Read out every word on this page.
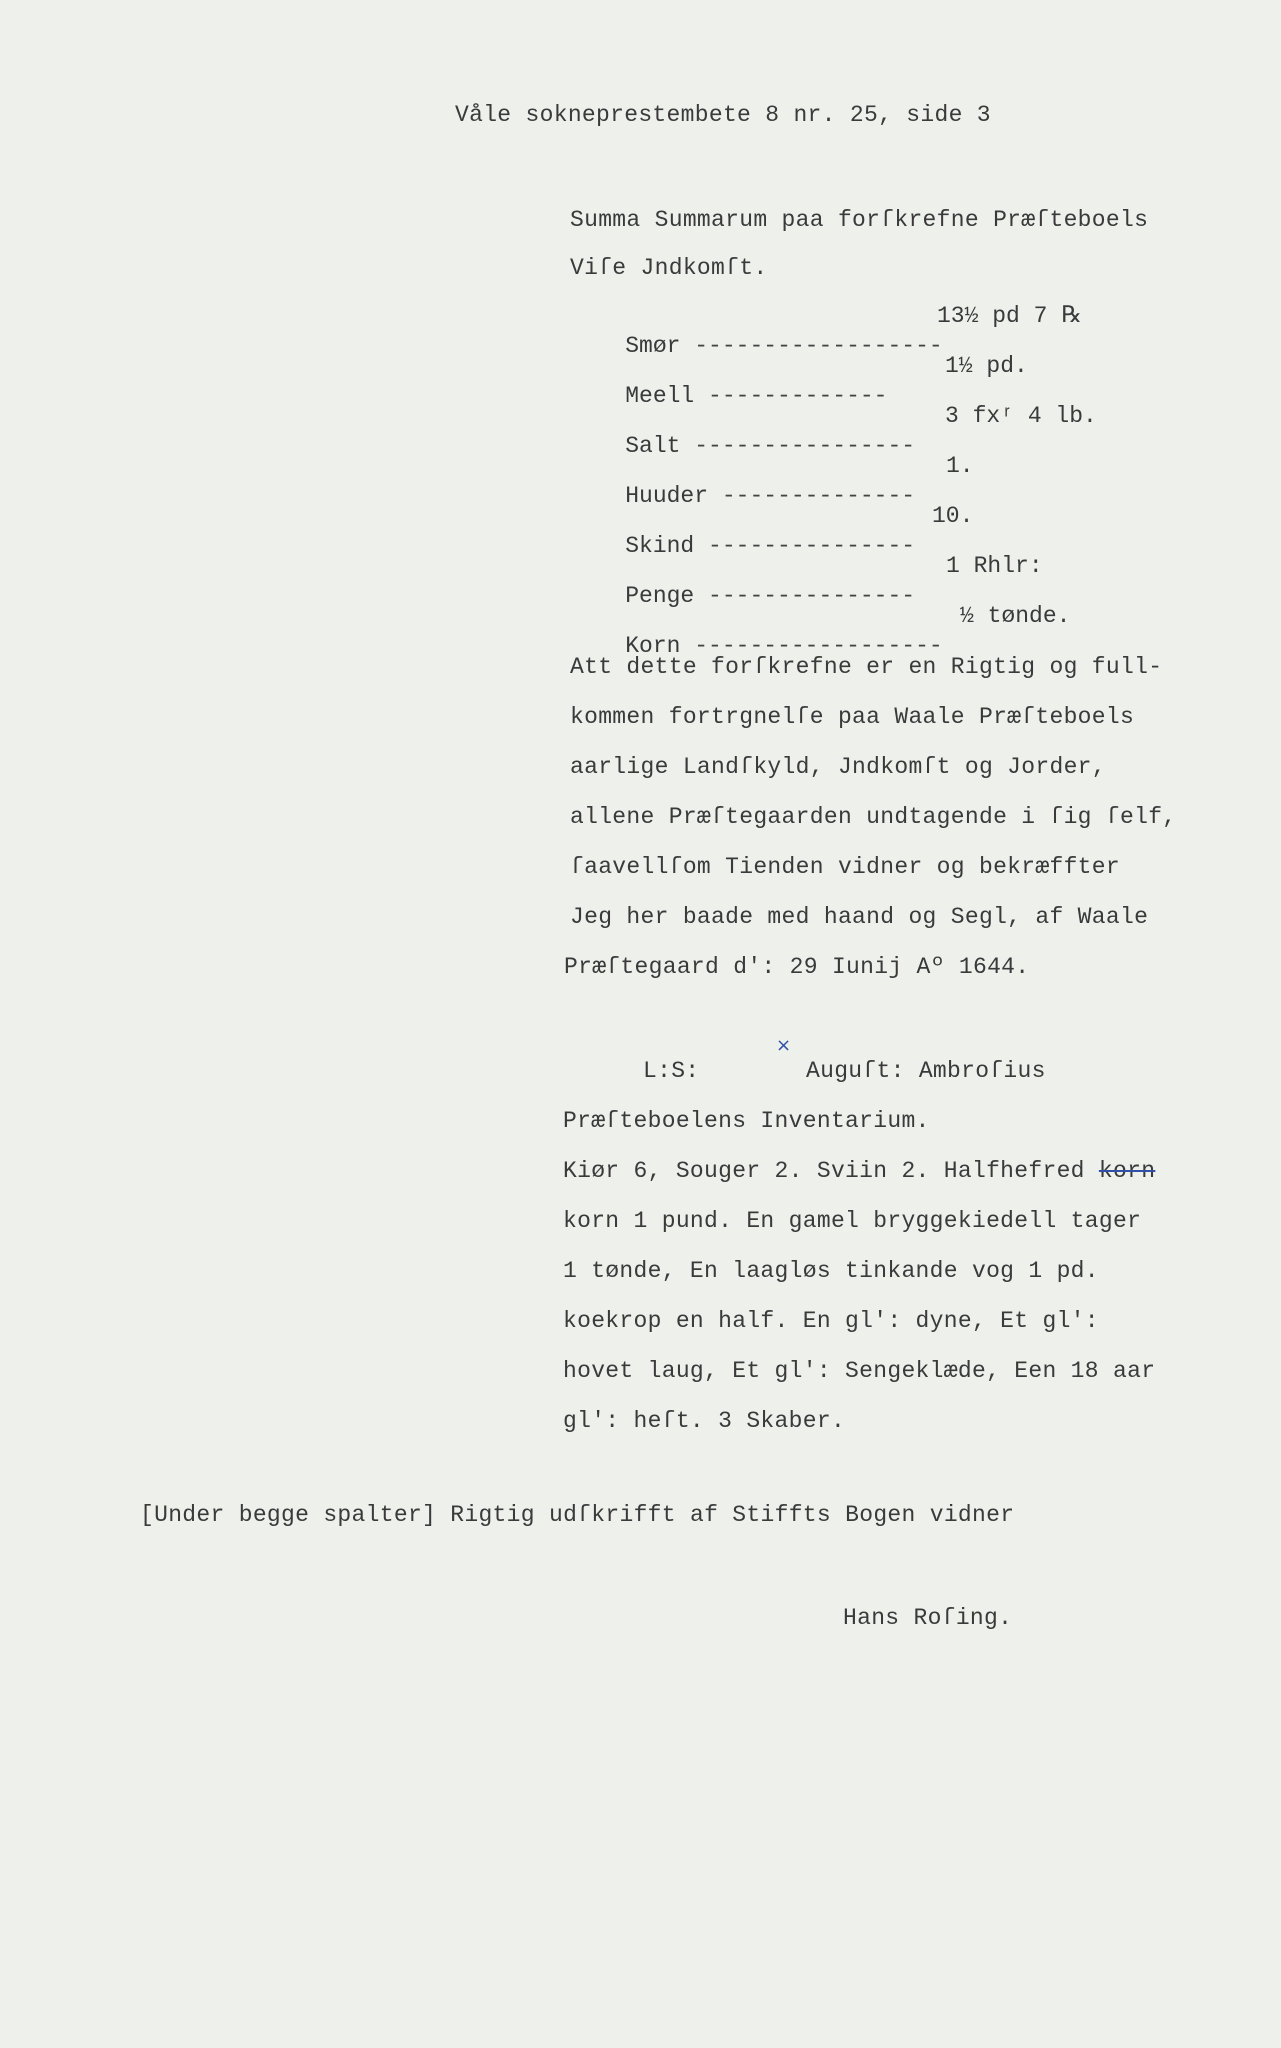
Våle sokneprestembete 8 nr. 25, side 3
Summa Summarum paa forſkrefne Præſteboels
Viſe Jndkomſt.

Smør ------------------

13½ pd 7 ℞

Meell -------------

1½ pd.

Salt ----------------

3 fxʳ 4 lb.

Huuder --------------

1.

Skind ---------------

10.

Penge ---------------

1 Rhlr:

Korn ------------------

½ tønde.

Att dette forſkrefne er en Rigtig og full-
kommen fortrgnelſe paa Waale Præſteboels
aarlige Landſkyld, Jndkomſt og Jorder,
allene Præſtegaarden undtagende i ſig ſelf,
ſaavellſom Tienden vidner og bekræffter
Jeg her baade med haand og Segl, af Waale
Præſtegaard d': 29 Iunij Aº 1644.
L:S:
×
Auguſt: Ambroſius
Præſteboelens Inventarium.
Kiør 6, Souger 2. Sviin 2. Halfhefred korn
korn 1 pund. En gamel bryggekiedell tager
1 tønde, En laagløs tinkande vog 1 pd.
koekrop en half. En gl': dyne, Et gl':
hovet laug, Et gl': Sengeklæde, Een 18 aar
gl': heſt. 3 Skaber.
[Under begge spalter] Rigtig udſkrifft af Stiffts Bogen vidner
Hans Roſing.
